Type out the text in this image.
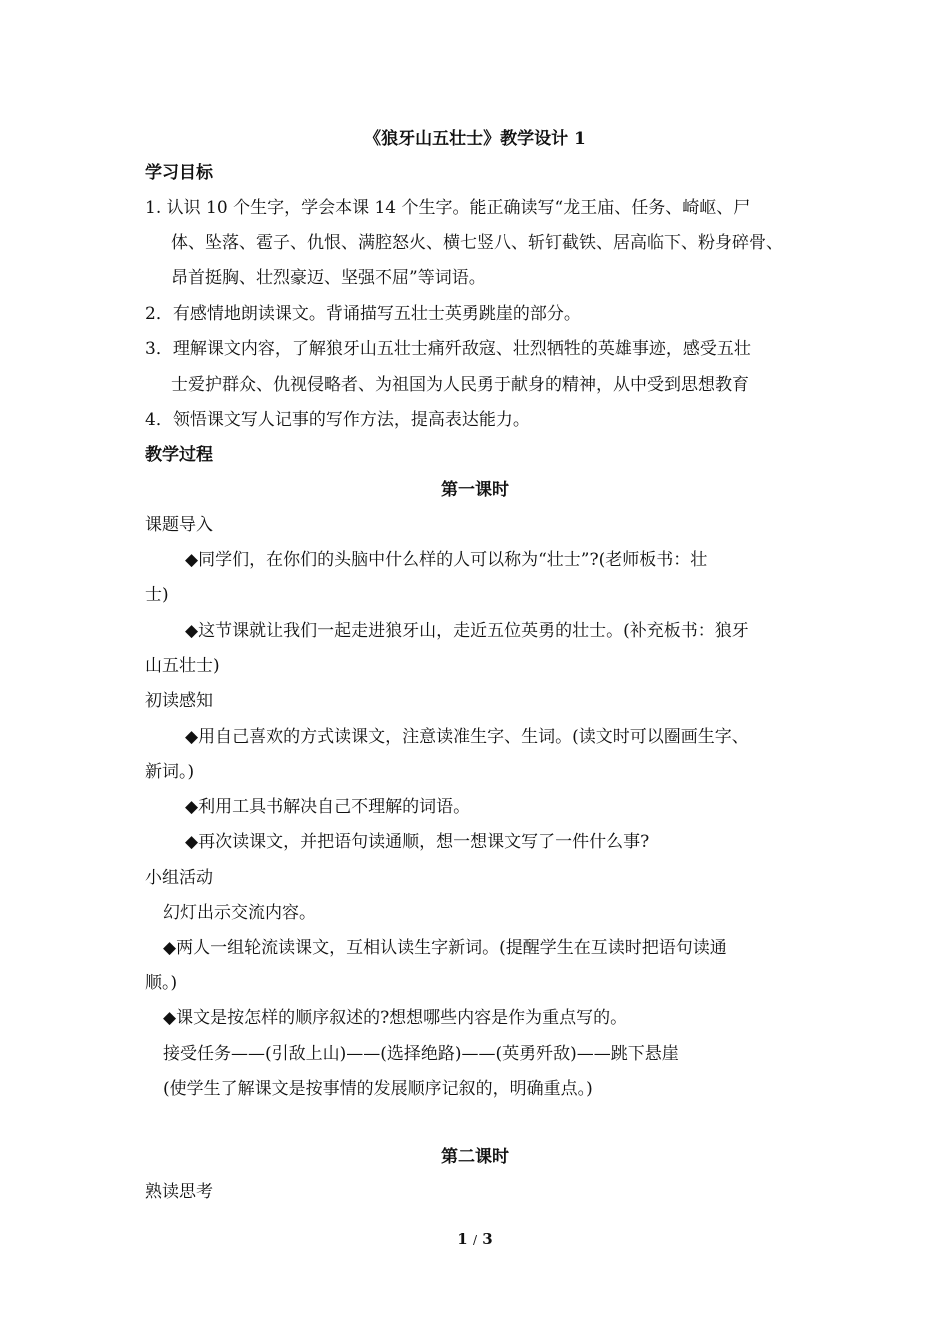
《狼牙山五壮士》教学设计 1
学习目标
1. 认识 10 个生字，学会本课 14 个生字。能正确读写“龙王庙、任务、崎岖、尸
体、坠落、雹子、仇恨、满腔怒火、横七竖八、斩钉截铁、居高临下、粉身碎骨、
昂首挺胸、壮烈豪迈、坚强不屈”等词语。
2．有感情地朗读课文。背诵描写五壮士英勇跳崖的部分。
3．理解课文内容，了解狼牙山五壮士痛歼敌寇、壮烈牺牲的英雄事迹，感受五壮
士爱护群众、仇视侵略者、为祖国为人民勇于献身的精神，从中受到思想教育
4．领悟课文写人记事的写作方法，提高表达能力。
教学过程
第一课时
课题导入
◆同学们，在你们的头脑中什么样的人可以称为“壮士”?(老师板书：壮
士)
◆这节课就让我们一起走进狼牙山，走近五位英勇的壮士。(补充板书：狼牙
山五壮士)
初读感知
◆用自己喜欢的方式读课文，注意读准生字、生词。(读文时可以圈画生字、
新词。)
◆利用工具书解决自己不理解的词语。
◆再次读课文，并把语句读通顺，想一想课文写了一件什么事?
小组活动
幻灯出示交流内容。
◆两人一组轮流读课文，互相认读生字新词。(提醒学生在互读时把语句读通
顺。)
◆课文是按怎样的顺序叙述的?想想哪些内容是作为重点写的。
接受任务——(引敌上山)——(选择绝路)——(英勇歼敌)——跳下悬崖
(使学生了解课文是按事情的发展顺序记叙的，明确重点。)
第二课时
熟读思考
1 / 3
